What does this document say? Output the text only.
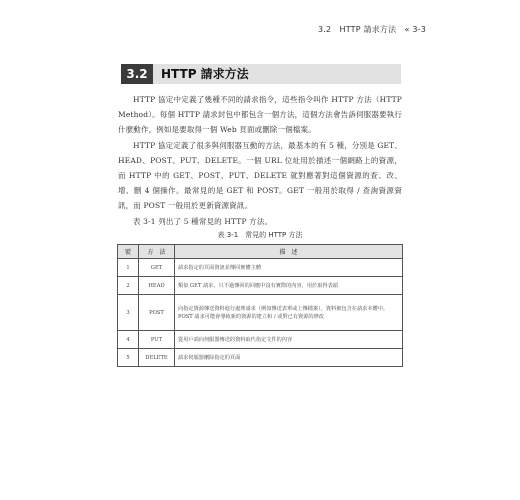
3.2　HTTP 請求方法　« 3-3
3.2	HTTP 請求方法

HTTP 協定中定義了幾種不同的請求指令，這些指令叫作 HTTP 方法（HTTP Method）。每個 HTTP 請求封包中都包含一個方法，這個方法會告訴伺服器要執行什麼動作，例如是要取得一個 Web 頁面或刪除一個檔案。

HTTP 協定定義了很多與伺服器互動的方法，最基本的有 5 種，分別是 GET、HEAD、POST、PUT、DELETE。一個 URL 位址用於描述一個網路上的資源，而 HTTP 中的 GET、POST、PUT、DELETE 就對應著對這個資源的查、改、增、刪 4 個操作。最常見的是 GET 和 POST。GET 一般用於取得 / 查詢資源資訊，而 POST 一般用於更新資源資訊。

表 3-1 列出了 5 種常見的 HTTP 方法。

表 3-1　常見的 HTTP 方法
號	方　法	描　述
1	GET	請求指定的頁面資訊並傳回實體主體
2	HEAD	類似 GET 請求，只不過傳回的回應中沒有實際的內容，用於取得表頭
3	POST	向指定資源傳送資料進行處理請求（例如傳送表單或上傳檔案）。資料被包含在請求本體中。POST 請求可能會導致新的資源的建立和 / 或對已有資源的修改
4	PUT	從用戶端向伺服器傳送的資料取代指定文件的內容
5	DELETE	請求伺服器刪除指定的頁面
